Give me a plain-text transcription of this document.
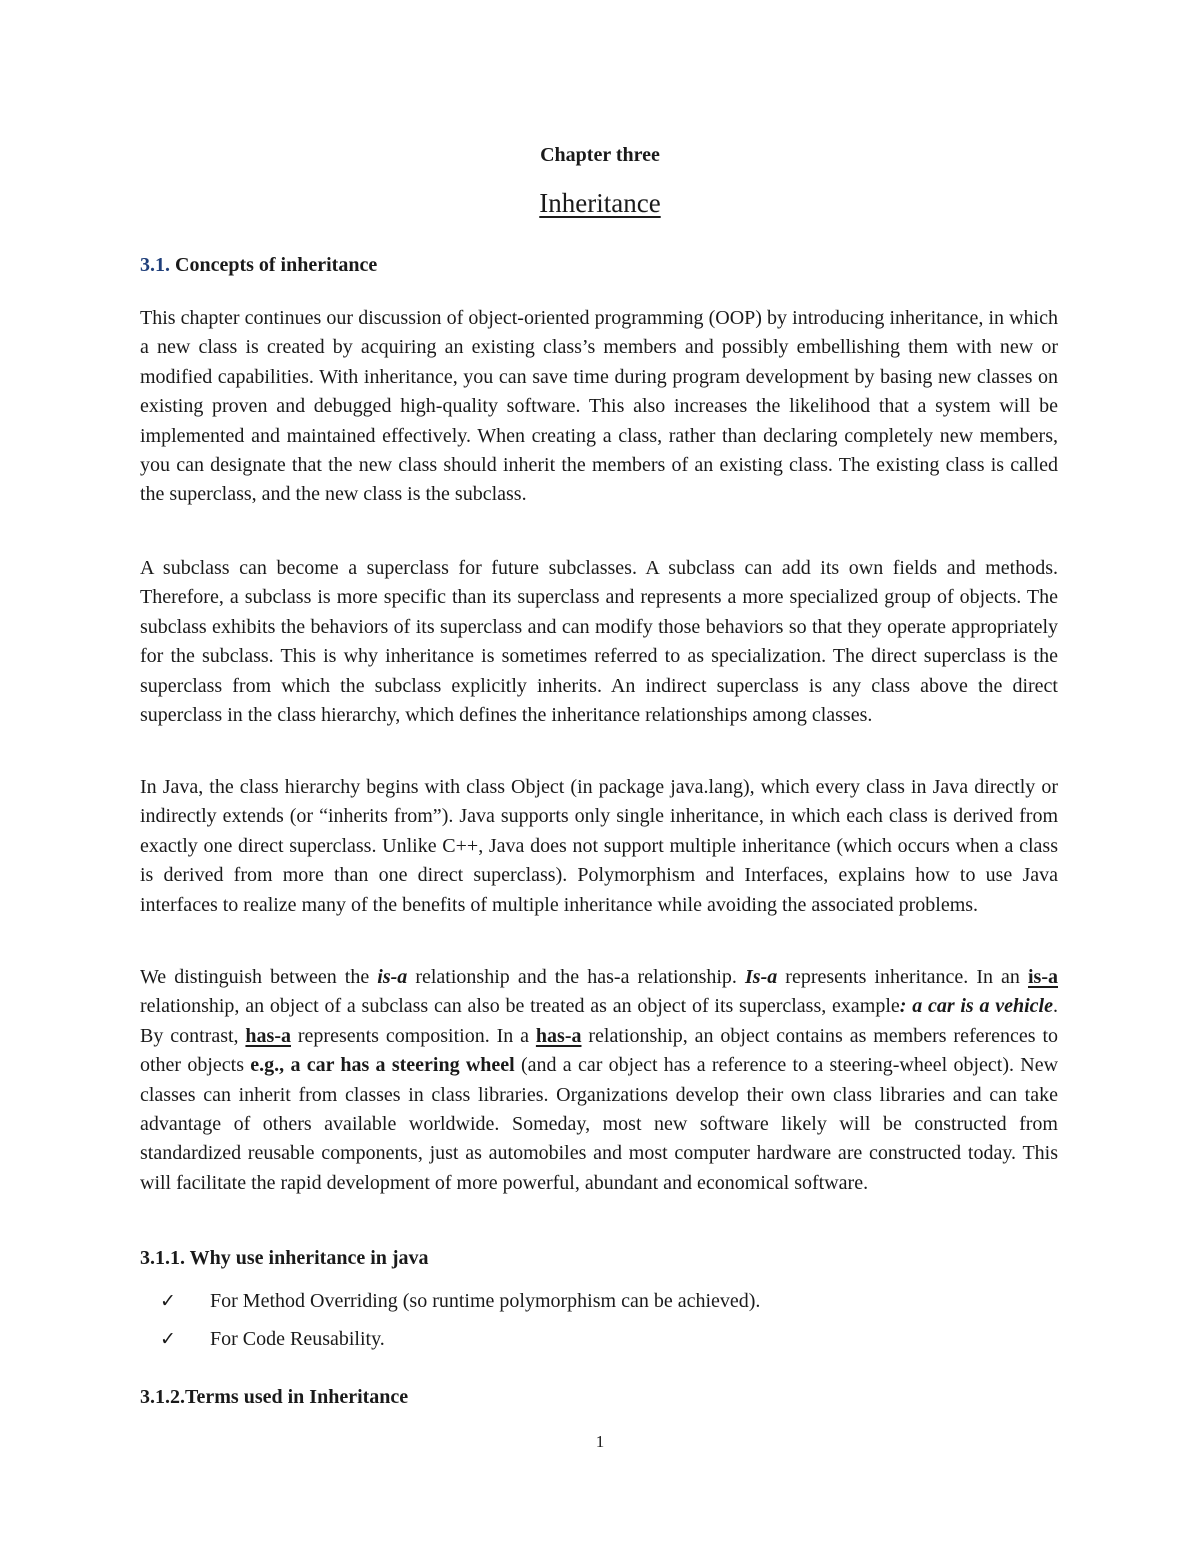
Chapter three
Inheritance
3.1. Concepts of inheritance

This chapter continues our discussion of object-oriented programming (OOP) by introducing inheritance, in which a new class is created by acquiring an existing class’s members and possibly embellishing them with new or modified capabilities. With inheritance, you can save time during program development by basing new classes on existing proven and debugged high-quality software. This also increases the likelihood that a system will be implemented and maintained effectively. When creating a class, rather than declaring completely new members, you can designate that the new class should inherit the members of an existing class. The existing class is called the superclass, and the new class is the subclass.

A subclass can become a superclass for future subclasses. A subclass can add its own fields and methods. Therefore, a subclass is more specific than its superclass and represents a more specialized group of objects. The subclass exhibits the behaviors of its superclass and can modify those behaviors so that they operate appropriately for the subclass. This is why inheritance is sometimes referred to as specialization. The direct superclass is the superclass from which the subclass explicitly inherits. An indirect superclass is any class above the direct superclass in the class hierarchy, which defines the inheritance relationships among classes.

In Java, the class hierarchy begins with class Object (in package java.lang), which every class in Java directly or indirectly extends (or “inherits from”). Java supports only single inheritance, in which each class is derived from exactly one direct superclass. Unlike C++, Java does not support multiple inheritance (which occurs when a class is derived from more than one direct superclass). Polymorphism and Interfaces, explains how to use Java interfaces to realize many of the benefits of multiple inheritance while avoiding the associated problems.

We distinguish between the is-a relationship and the has-a relationship. Is-a represents inheritance. In an is-a relationship, an object of a subclass can also be treated as an object of its superclass, example: a car is a vehicle. By contrast, has-a represents composition. In a has-a relationship, an object contains as members references to other objects e.g., a car has a steering wheel (and a car object has a reference to a steering-wheel object). New classes can inherit from classes in class libraries. Organizations develop their own class libraries and can take advantage of others available worldwide. Someday, most new software likely will be constructed from standardized reusable components, just as automobiles and most computer hardware are constructed today. This will facilitate the rapid development of more powerful, abundant and economical software.

3.1.1. Why use inheritance in java
✓	For Method Overriding (so runtime polymorphism can be achieved).
✓	For Code Reusability.
3.1.2.Terms used in Inheritance
1
